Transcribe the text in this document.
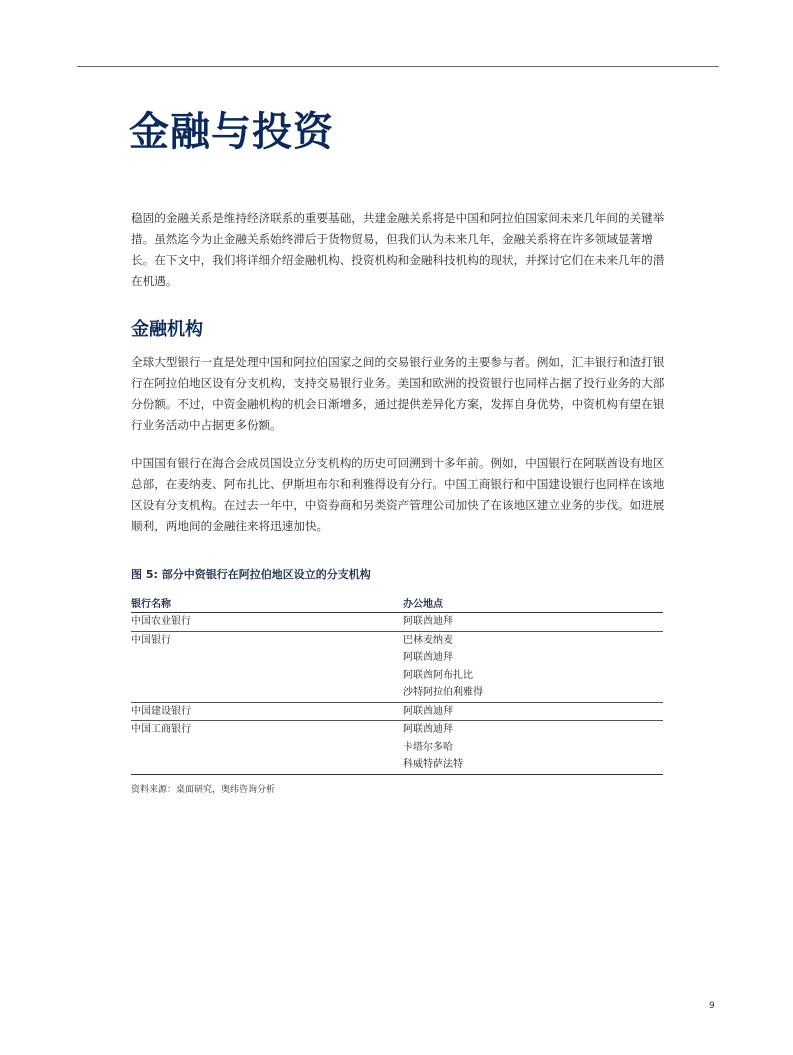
金融与投资

稳固的金融关系是维持经济联系的重要基础，共建金融关系将是中国和阿拉伯国家间未来几年间的关键举措。虽然迄今为止金融关系始终滞后于货物贸易，但我们认为未来几年，金融关系将在许多领域显著增长。在下文中，我们将详细介绍金融机构、投资机构和金融科技机构的现状，并探讨它们在未来几年的潜在机遇。

金融机构

全球大型银行一直是处理中国和阿拉伯国家之间的交易银行业务的主要参与者。例如，汇丰银行和渣打银行在阿拉伯地区设有分支机构，支持交易银行业务。美国和欧洲的投资银行也同样占据了投行业务的大部分份额。不过，中资金融机构的机会日渐增多，通过提供差异化方案，发挥自身优势，中资机构有望在银行业务活动中占据更多份额。

中国国有银行在海合会成员国设立分支机构的历史可回溯到十多年前。例如，中国银行在阿联酋设有地区总部，在麦纳麦、阿布扎比、伊斯坦布尔和利雅得设有分行。中国工商银行和中国建设银行也同样在该地区设有分支机构。在过去一年中，中资券商和另类资产管理公司加快了在该地区建立业务的步伐。如进展顺利，两地间的金融往来将迅速加快。

图 5: 部分中资银行在阿拉伯地区设立的分支机构

银行名称	办公地点
中国农业银行	阿联酋迪拜
中国银行	巴林麦纳麦
阿联酋迪拜
阿联酋阿布扎比
沙特阿拉伯利雅得
中国建设银行	阿联酋迪拜
中国工商银行	阿联酋迪拜
卡塔尔多哈
科威特萨法特

资料来源：桌面研究，奥纬咨询分析

9
